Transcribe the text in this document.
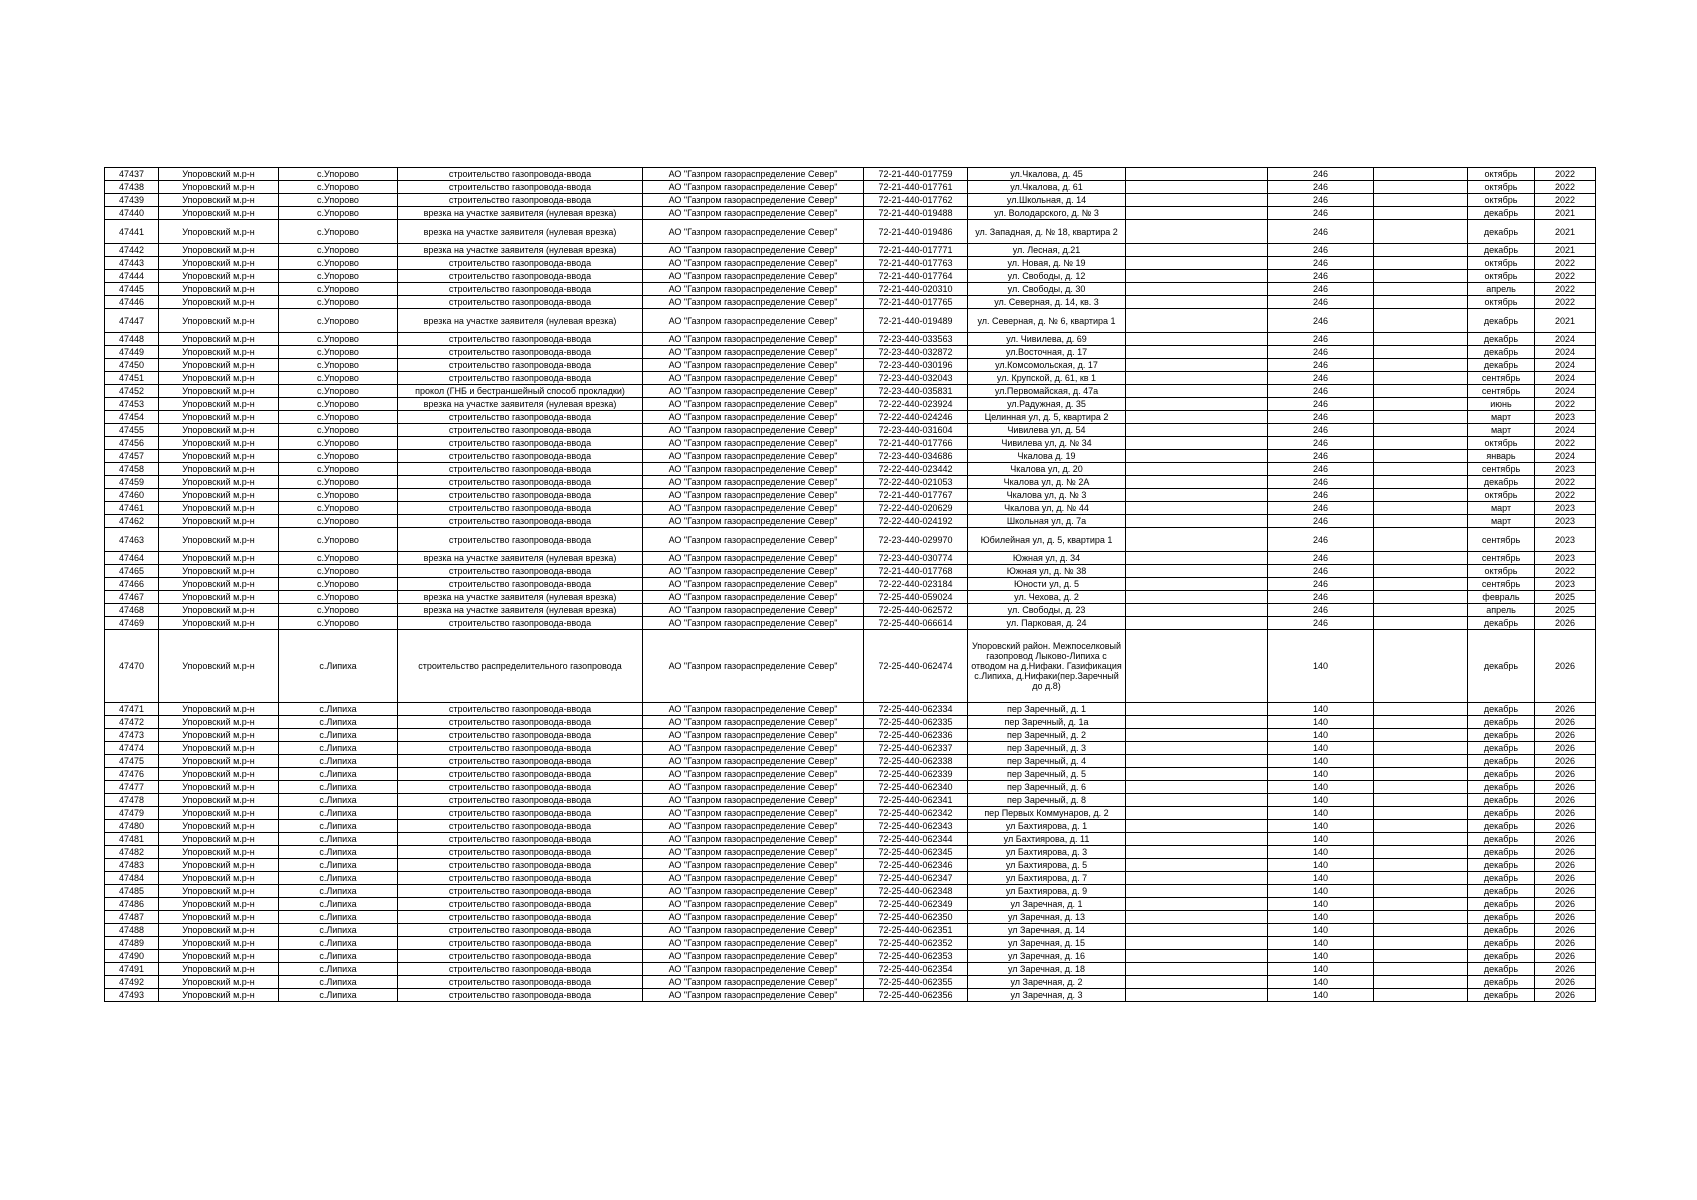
47437	Упоровский м.р-н	с.Упорово	строительство газопровода-ввода	АО "Газпром газораспределение Север"	72-21-440-017759	ул.Чкалова, д. 45		246		октябрь	2022
47438	Упоровский м.р-н	с.Упорово	строительство газопровода-ввода	АО "Газпром газораспределение Север"	72-21-440-017761	ул.Чкалова, д. 61		246		октябрь	2022
47439	Упоровский м.р-н	с.Упорово	строительство газопровода-ввода	АО "Газпром газораспределение Север"	72-21-440-017762	ул.Школьная, д. 14		246		октябрь	2022
47440	Упоровский м.р-н	с.Упорово	врезка на участке заявителя (нулевая врезка)	АО "Газпром газораспределение Север"	72-21-440-019488	ул. Володарского, д. № 3		246		декабрь	2021
47441	Упоровский м.р-н	с.Упорово	врезка на участке заявителя (нулевая врезка)	АО "Газпром газораспределение Север"	72-21-440-019486	ул. Западная, д. № 18, квартира 2		246		декабрь	2021
47442	Упоровский м.р-н	с.Упорово	врезка на участке заявителя (нулевая врезка)	АО "Газпром газораспределение Север"	72-21-440-017771	ул. Лесная, д.21		246		декабрь	2021
47443	Упоровский м.р-н	с.Упорово	строительство газопровода-ввода	АО "Газпром газораспределение Север"	72-21-440-017763	ул. Новая, д. № 19		246		октябрь	2022
47444	Упоровский м.р-н	с.Упорово	строительство газопровода-ввода	АО "Газпром газораспределение Север"	72-21-440-017764	ул. Свободы, д. 12		246		октябрь	2022
47445	Упоровский м.р-н	с.Упорово	строительство газопровода-ввода	АО "Газпром газораспределение Север"	72-21-440-020310	ул. Свободы, д. 30		246		апрель	2022
47446	Упоровский м.р-н	с.Упорово	строительство газопровода-ввода	АО "Газпром газораспределение Север"	72-21-440-017765	ул. Северная, д. 14, кв. 3		246		октябрь	2022
47447	Упоровский м.р-н	с.Упорово	врезка на участке заявителя (нулевая врезка)	АО "Газпром газораспределение Север"	72-21-440-019489	ул. Северная, д. № 6, квартира 1		246		декабрь	2021
47448	Упоровский м.р-н	с.Упорово	строительство газопровода-ввода	АО "Газпром газораспределение Север"	72-23-440-033563	ул. Чивилева, д. 69		246		декабрь	2024
47449	Упоровский м.р-н	с.Упорово	строительство газопровода-ввода	АО "Газпром газораспределение Север"	72-23-440-032872	ул.Восточная, д. 17		246		декабрь	2024
47450	Упоровский м.р-н	с.Упорово	строительство газопровода-ввода	АО "Газпром газораспределение Север"	72-23-440-030196	ул.Комсомольская, д. 17		246		декабрь	2024
47451	Упоровский м.р-н	с.Упорово	строительство газопровода-ввода	АО "Газпром газораспределение Север"	72-23-440-032043	ул. Крупской, д. 61, кв 1		246		сентябрь	2024
47452	Упоровский м.р-н	с.Упорово	прокол (ГНБ и бестраншейный способ прокладки)	АО "Газпром газораспределение Север"	72-23-440-035831	ул.Первомайская, д. 47а		246		сентябрь	2024
47453	Упоровский м.р-н	с.Упорово	врезка на участке заявителя (нулевая врезка)	АО "Газпром газораспределение Север"	72-22-440-023924	ул.Радужная, д. 35		246		июнь	2022
47454	Упоровский м.р-н	с.Упорово	строительство газопровода-ввода	АО "Газпром газораспределение Север"	72-22-440-024246	Целинная ул, д. 5, квартира 2		246		март	2023
47455	Упоровский м.р-н	с.Упорово	строительство газопровода-ввода	АО "Газпром газораспределение Север"	72-23-440-031604	Чивилева ул, д. 54		246		март	2024
47456	Упоровский м.р-н	с.Упорово	строительство газопровода-ввода	АО "Газпром газораспределение Север"	72-21-440-017766	Чивилева ул, д. № 34		246		октябрь	2022
47457	Упоровский м.р-н	с.Упорово	строительство газопровода-ввода	АО "Газпром газораспределение Север"	72-23-440-034686	Чкалова д. 19		246		январь	2024
47458	Упоровский м.р-н	с.Упорово	строительство газопровода-ввода	АО "Газпром газораспределение Север"	72-22-440-023442	Чкалова ул, д. 20		246		сентябрь	2023
47459	Упоровский м.р-н	с.Упорово	строительство газопровода-ввода	АО "Газпром газораспределение Север"	72-22-440-021053	Чкалова ул, д. № 2А		246		декабрь	2022
47460	Упоровский м.р-н	с.Упорово	строительство газопровода-ввода	АО "Газпром газораспределение Север"	72-21-440-017767	Чкалова ул, д. № 3		246		октябрь	2022
47461	Упоровский м.р-н	с.Упорово	строительство газопровода-ввода	АО "Газпром газораспределение Север"	72-22-440-020629	Чкалова ул, д. № 44		246		март	2023
47462	Упоровский м.р-н	с.Упорово	строительство газопровода-ввода	АО "Газпром газораспределение Север"	72-22-440-024192	Школьная ул, д. 7а		246		март	2023
47463	Упоровский м.р-н	с.Упорово	строительство газопровода-ввода	АО "Газпром газораспределение Север"	72-23-440-029970	Юбилейная ул, д. 5, квартира 1		246		сентябрь	2023
47464	Упоровский м.р-н	с.Упорово	врезка на участке заявителя (нулевая врезка)	АО "Газпром газораспределение Север"	72-23-440-030774	Южная ул, д. 34		246		сентябрь	2023
47465	Упоровский м.р-н	с.Упорово	строительство газопровода-ввода	АО "Газпром газораспределение Север"	72-21-440-017768	Южная ул, д. № 38		246		октябрь	2022
47466	Упоровский м.р-н	с.Упорово	строительство газопровода-ввода	АО "Газпром газораспределение Север"	72-22-440-023184	Юности ул, д. 5		246		сентябрь	2023
47467	Упоровский м.р-н	с.Упорово	врезка на участке заявителя (нулевая врезка)	АО "Газпром газораспределение Север"	72-25-440-059024	ул. Чехова, д. 2		246		февраль	2025
47468	Упоровский м.р-н	с.Упорово	врезка на участке заявителя (нулевая врезка)	АО "Газпром газораспределение Север"	72-25-440-062572	ул. Свободы, д. 23		246		апрель	2025
47469	Упоровский м.р-н	с.Упорово	строительство газопровода-ввода	АО "Газпром газораспределение Север"	72-25-440-066614	ул. Парковая, д. 24		246		декабрь	2026
47470	Упоровский м.р-н	с.Липиха	строительство распределительного газопровода	АО "Газпром газораспределение Север"	72-25-440-062474	Упоровский район. Межпоселковый газопровод Лыково-Липиха с отводом на д.Нифаки. Газификация с.Липиха, д.Нифаки(пер.Заречный до д.8)		140		декабрь	2026
47471	Упоровский м.р-н	с.Липиха	строительство газопровода-ввода	АО "Газпром газораспределение Север"	72-25-440-062334	пер Заречный, д. 1		140		декабрь	2026
47472	Упоровский м.р-н	с.Липиха	строительство газопровода-ввода	АО "Газпром газораспределение Север"	72-25-440-062335	пер Заречный, д. 1а		140		декабрь	2026
47473	Упоровский м.р-н	с.Липиха	строительство газопровода-ввода	АО "Газпром газораспределение Север"	72-25-440-062336	пер Заречный, д. 2		140		декабрь	2026
47474	Упоровский м.р-н	с.Липиха	строительство газопровода-ввода	АО "Газпром газораспределение Север"	72-25-440-062337	пер Заречный, д. 3		140		декабрь	2026
47475	Упоровский м.р-н	с.Липиха	строительство газопровода-ввода	АО "Газпром газораспределение Север"	72-25-440-062338	пер Заречный, д. 4		140		декабрь	2026
47476	Упоровский м.р-н	с.Липиха	строительство газопровода-ввода	АО "Газпром газораспределение Север"	72-25-440-062339	пер Заречный, д. 5		140		декабрь	2026
47477	Упоровский м.р-н	с.Липиха	строительство газопровода-ввода	АО "Газпром газораспределение Север"	72-25-440-062340	пер Заречный, д. 6		140		декабрь	2026
47478	Упоровский м.р-н	с.Липиха	строительство газопровода-ввода	АО "Газпром газораспределение Север"	72-25-440-062341	пер Заречный, д. 8		140		декабрь	2026
47479	Упоровский м.р-н	с.Липиха	строительство газопровода-ввода	АО "Газпром газораспределение Север"	72-25-440-062342	пер Первых Коммунаров, д. 2		140		декабрь	2026
47480	Упоровский м.р-н	с.Липиха	строительство газопровода-ввода	АО "Газпром газораспределение Север"	72-25-440-062343	ул Бахтиярова, д. 1		140		декабрь	2026
47481	Упоровский м.р-н	с.Липиха	строительство газопровода-ввода	АО "Газпром газораспределение Север"	72-25-440-062344	ул Бахтиярова, д. 11		140		декабрь	2026
47482	Упоровский м.р-н	с.Липиха	строительство газопровода-ввода	АО "Газпром газораспределение Север"	72-25-440-062345	ул Бахтиярова, д. 3		140		декабрь	2026
47483	Упоровский м.р-н	с.Липиха	строительство газопровода-ввода	АО "Газпром газораспределение Север"	72-25-440-062346	ул Бахтиярова, д. 5		140		декабрь	2026
47484	Упоровский м.р-н	с.Липиха	строительство газопровода-ввода	АО "Газпром газораспределение Север"	72-25-440-062347	ул Бахтиярова, д. 7		140		декабрь	2026
47485	Упоровский м.р-н	с.Липиха	строительство газопровода-ввода	АО "Газпром газораспределение Север"	72-25-440-062348	ул Бахтиярова, д. 9		140		декабрь	2026
47486	Упоровский м.р-н	с.Липиха	строительство газопровода-ввода	АО "Газпром газораспределение Север"	72-25-440-062349	ул Заречная, д. 1		140		декабрь	2026
47487	Упоровский м.р-н	с.Липиха	строительство газопровода-ввода	АО "Газпром газораспределение Север"	72-25-440-062350	ул Заречная, д. 13		140		декабрь	2026
47488	Упоровский м.р-н	с.Липиха	строительство газопровода-ввода	АО "Газпром газораспределение Север"	72-25-440-062351	ул Заречная, д. 14		140		декабрь	2026
47489	Упоровский м.р-н	с.Липиха	строительство газопровода-ввода	АО "Газпром газораспределение Север"	72-25-440-062352	ул Заречная, д. 15		140		декабрь	2026
47490	Упоровский м.р-н	с.Липиха	строительство газопровода-ввода	АО "Газпром газораспределение Север"	72-25-440-062353	ул Заречная, д. 16		140		декабрь	2026
47491	Упоровский м.р-н	с.Липиха	строительство газопровода-ввода	АО "Газпром газораспределение Север"	72-25-440-062354	ул Заречная, д. 18		140		декабрь	2026
47492	Упоровский м.р-н	с.Липиха	строительство газопровода-ввода	АО "Газпром газораспределение Север"	72-25-440-062355	ул Заречная, д. 2		140		декабрь	2026
47493	Упоровский м.р-н	с.Липиха	строительство газопровода-ввода	АО "Газпром газораспределение Север"	72-25-440-062356	ул Заречная, д. 3		140		декабрь	2026
